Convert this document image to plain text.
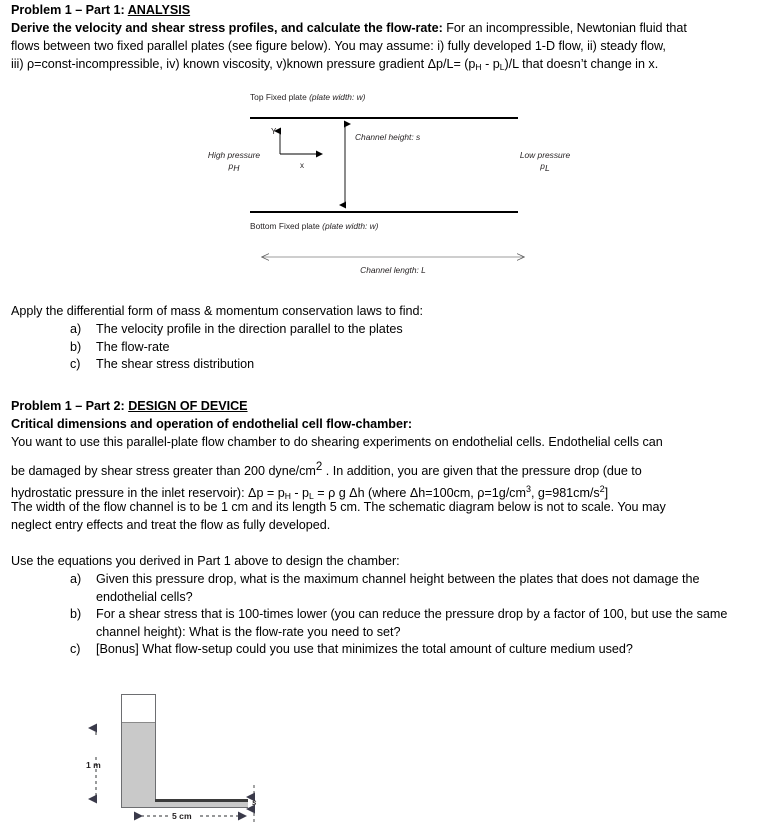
Problem 1 – Part 1: ANALYSIS
Derive the velocity and shear stress profiles, and calculate the flow-rate: For an incompressible, Newtonian fluid that
flows between two fixed parallel plates (see figure below). You may assume: i) fully developed 1-D flow, ii) steady flow,
iii) ρ=const-incompressible, iv) known viscosity, v)known pressure gradient $\Delta p/L= (p_H - p_L)/L$ that doesn’t change in x.
Top Fixed plate (plate width: w)
Bottom Fixed plate (plate width: w)
Channel height: s
Y
x
High pressure
pH
Low pressure
pL
Channel length: L
Apply the differential form of mass & momentum conservation laws to find:
a)	The velocity profile in the direction parallel to the plates
b)	The flow-rate
c)	The shear stress distribution
Problem 1 – Part 2: DESIGN OF DEVICE
Critical dimensions and operation of endothelial cell flow-chamber:
You want to use this parallel-plate flow chamber to do shearing experiments on endothelial cells. Endothelial cells can
be damaged by shear stress greater than 200 dyne/cm2 . In addition, you are given that the pressure drop (due to
hydrostatic pressure in the inlet reservoir): $\Delta p = p_H - p_L = \rho$ g Δh (where Δh=100cm, $\rho=1g/cm^3$, $g=981cm/s^2$]
The width of the flow channel is to be 1 cm and its length 5 cm. The schematic diagram below is not to scale. You may
neglect entry effects and treat the flow as fully developed.
Use the equations you derived in Part 1 above to design the chamber:
a)	Given this pressure drop, what is the maximum channel height between the plates that does not damage the endothelial cells?
b)	For a shear stress that is 100-times lower (you can reduce the pressure drop by a factor of 100, but use the same channel height): What is the flow-rate you need to set?
c)	[Bonus] What flow-setup could you use that minimizes the total amount of culture medium used?
1 m
5 cm
s
